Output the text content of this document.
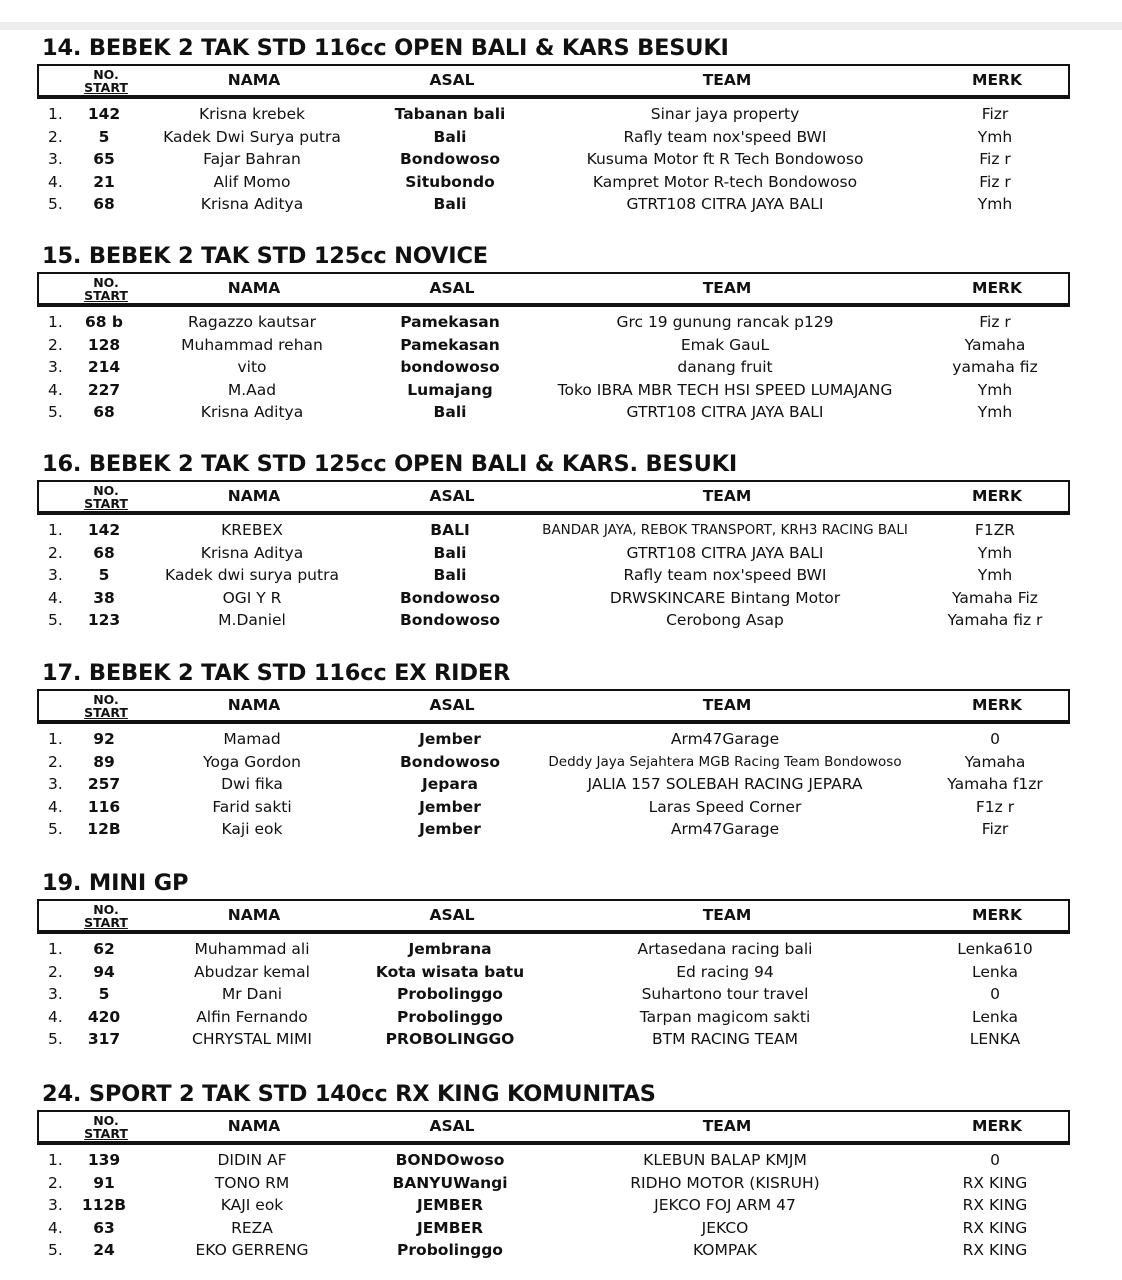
14. BEBEK 2 TAK STD 116cc OPEN BALI & KARS BESUKI
NO.
START	NAMA	ASAL	TEAM	MERK
1. 142	Krisna krebek	Tabanan bali	Sinar jaya property	Fizr
2. 5	Kadek Dwi Surya putra	Bali	Rafly team nox'speed BWI	Ymh
3. 65	Fajar Bahran	Bondowoso	Kusuma Motor ft R Tech Bondowoso	Fiz r
4. 21	Alif Momo	Situbondo	Kampret Motor R-tech Bondowoso	Fiz r
5. 68	Krisna Aditya	Bali	GTRT108 CITRA JAYA BALI	Ymh
15. BEBEK 2 TAK STD 125cc NOVICE
NO.
START	NAMA	ASAL	TEAM	MERK
1. 68 b	Ragazzo kautsar	Pamekasan	Grc 19 gunung rancak p129	Fiz r
2. 128	Muhammad rehan	Pamekasan	Emak GauL	Yamaha
3. 214	vito	bondowoso	danang fruit	yamaha fiz
4. 227	M.Aad	Lumajang	Toko IBRA MBR TECH HSI SPEED LUMAJANG	Ymh
5. 68	Krisna Aditya	Bali	GTRT108 CITRA JAYA BALI	Ymh
16. BEBEK 2 TAK STD 125cc OPEN BALI & KARS. BESUKI
NO.
START	NAMA	ASAL	TEAM	MERK
1. 142	KREBEX	BALI	BANDAR JAYA, REBOK TRANSPORT, KRH3 RACING BALI	F1ZR
2. 68	Krisna Aditya	Bali	GTRT108 CITRA JAYA BALI	Ymh
3. 5	Kadek dwi surya putra	Bali	Rafly team nox'speed BWI	Ymh
4. 38	OGI Y R	Bondowoso	DRWSKINCARE Bintang Motor	Yamaha Fiz
5. 123	M.Daniel	Bondowoso	Cerobong Asap	Yamaha fiz r
17. BEBEK 2 TAK STD 116cc EX RIDER
NO.
START	NAMA	ASAL	TEAM	MERK
1. 92	Mamad	Jember	Arm47Garage	0
2. 89	Yoga Gordon	Bondowoso	Deddy Jaya Sejahtera MGB Racing Team Bondowoso	Yamaha
3. 257	Dwi fika	Jepara	JALIA 157 SOLEBAH RACING JEPARA	Yamaha f1zr
4. 116	Farid sakti	Jember	Laras Speed Corner	F1z r
5. 12B	Kaji eok	Jember	Arm47Garage	Fizr
19. MINI GP
NO.
START	NAMA	ASAL	TEAM	MERK
1. 62	Muhammad ali	Jembrana	Artasedana racing bali	Lenka610
2. 94	Abudzar kemal	Kota wisata batu	Ed racing 94	Lenka
3. 5	Mr Dani	Probolinggo	Suhartono tour travel	0
4. 420	Alfin Fernando	Probolinggo	Tarpan magicom sakti	Lenka
5. 317	CHRYSTAL MIMI	PROBOLINGGO	BTM RACING TEAM	LENKA
24. SPORT 2 TAK STD 140cc RX KING KOMUNITAS
NO.
START	NAMA	ASAL	TEAM	MERK
1. 139	DIDIN AF	BONDOwoso	KLEBUN BALAP KMJM	0
2. 91	TONO RM	BANYUWangi	RIDHO MOTOR (KISRUH)	RX KING
3. 112B	KAJI eok	JEMBER	JEKCO FOJ ARM 47	RX KING
4. 63	REZA	JEMBER	JEKCO	RX KING
5. 24	EKO GERRENG	Probolinggo	KOMPAK	RX KING
